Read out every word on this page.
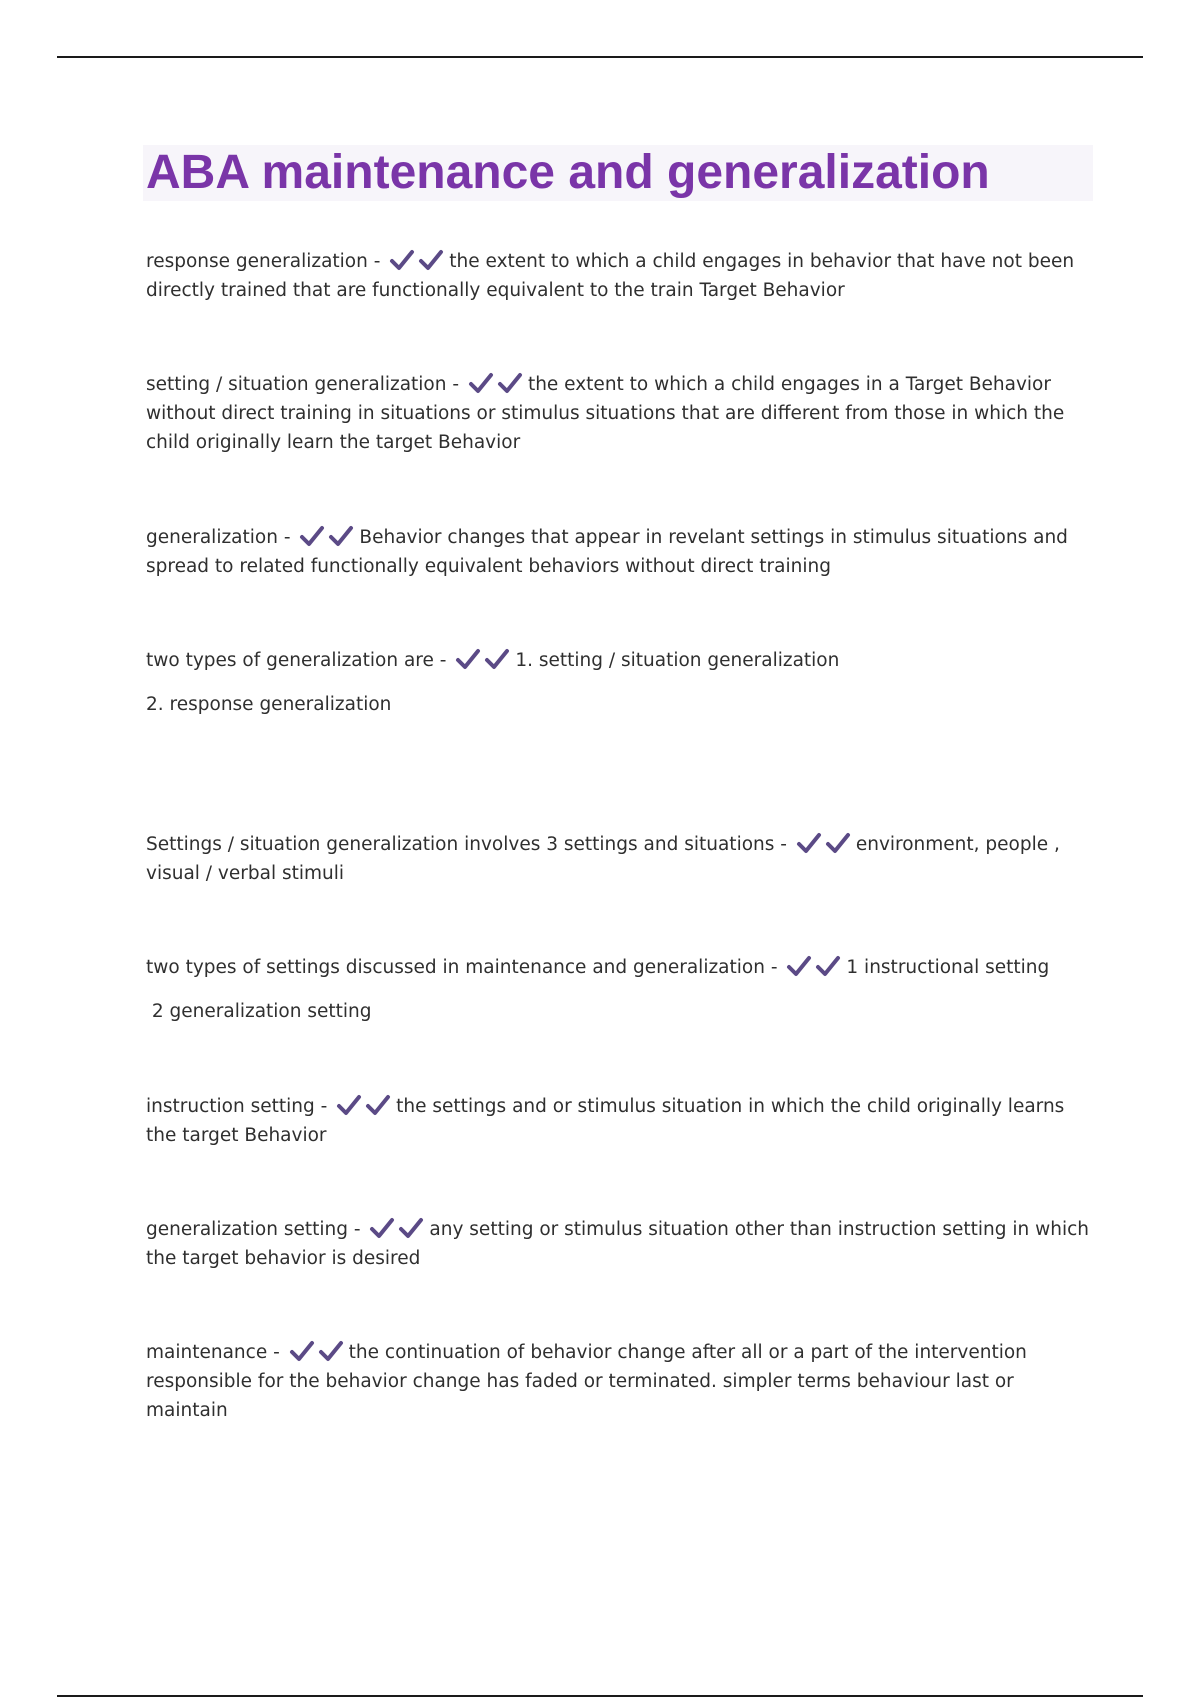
ABA maintenance and generalization

response generalization -	the extent to which a child engages in behavior that have not been directly trained that are functionally equivalent to the train Target Behavior

setting / situation generalization -	the extent to which a child engages in a Target Behavior without direct training in situations or stimulus situations that are different from those in which the child originally learn the target Behavior

generalization -	Behavior changes that appear in revelant settings in stimulus situations and spread to related functionally equivalent behaviors without direct training

two types of generalization are -	1. setting / situation generalization

2. response generalization

Settings / situation generalization involves 3 settings and situations -	environment, people , visual / verbal stimuli

two types of settings discussed in maintenance and generalization -	1 instructional setting

2 generalization setting

instruction setting -	the settings and or stimulus situation in which the child originally learns the target Behavior

generalization setting -	any setting or stimulus situation other than instruction setting in which the target behavior is desired

maintenance -	the continuation of behavior change after all or a part of the intervention responsible for the behavior change has faded or terminated. simpler terms behaviour last or maintain
